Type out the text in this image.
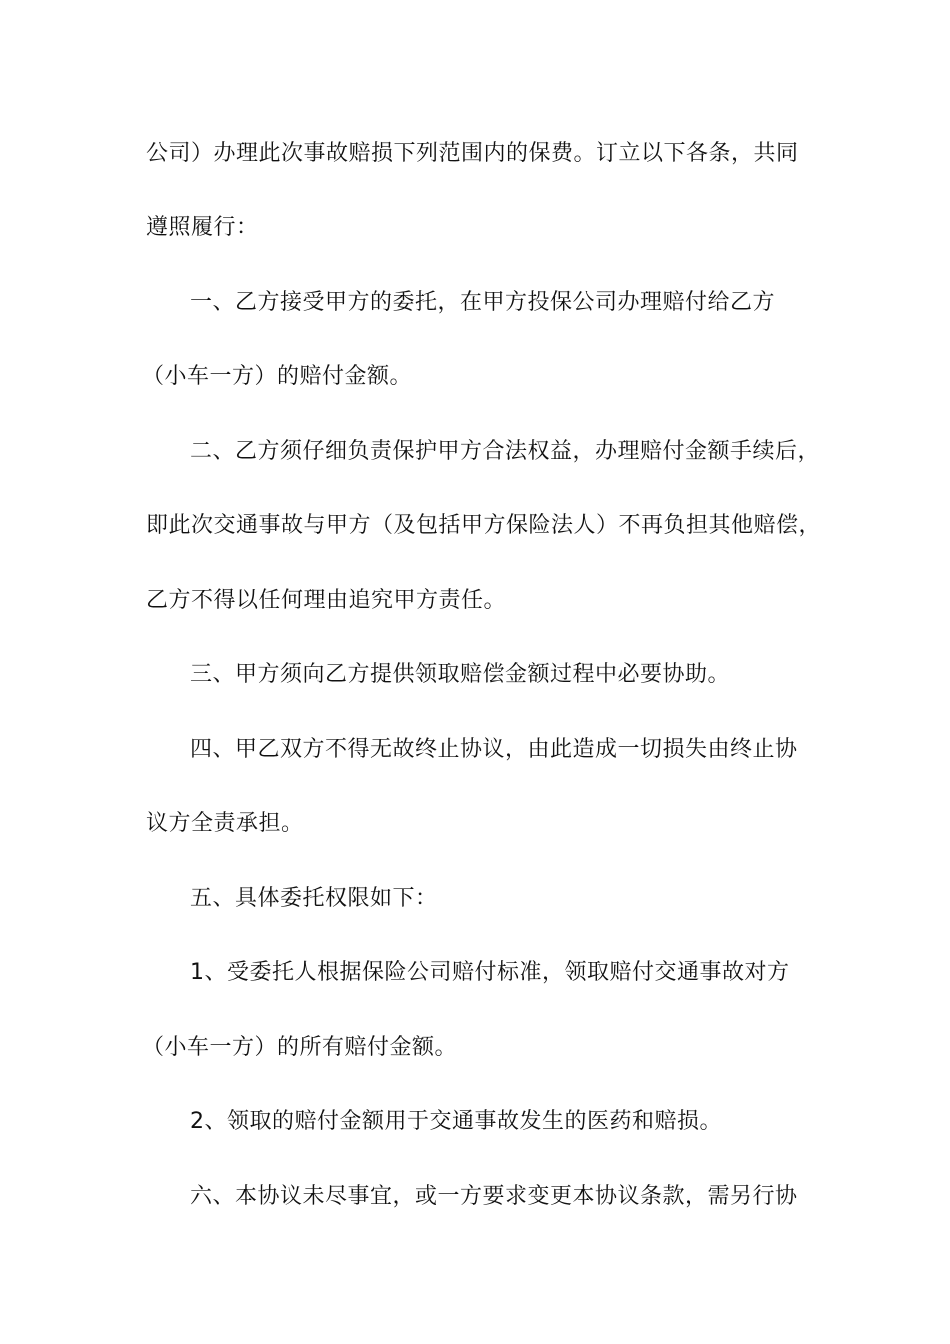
公司）办理此次事故赔损下列范围内的保费。订立以下各条，共同
遵照履行：
一、乙方接受甲方的委托，在甲方投保公司办理赔付给乙方
（小车一方）的赔付金额。
二、乙方须仔细负责保护甲方合法权益，办理赔付金额手续后，
即此次交通事故与甲方（及包括甲方保险法人）不再负担其他赔偿，
乙方不得以任何理由追究甲方责任。
三、甲方须向乙方提供领取赔偿金额过程中必要协助。
四、甲乙双方不得无故终止协议，由此造成一切损失由终止协
议方全责承担。
五、具体委托权限如下：
1、受委托人根据保险公司赔付标准，领取赔付交通事故对方
（小车一方）的所有赔付金额。
2、领取的赔付金额用于交通事故发生的医药和赔损。
六、本协议未尽事宜，或一方要求变更本协议条款，需另行协
